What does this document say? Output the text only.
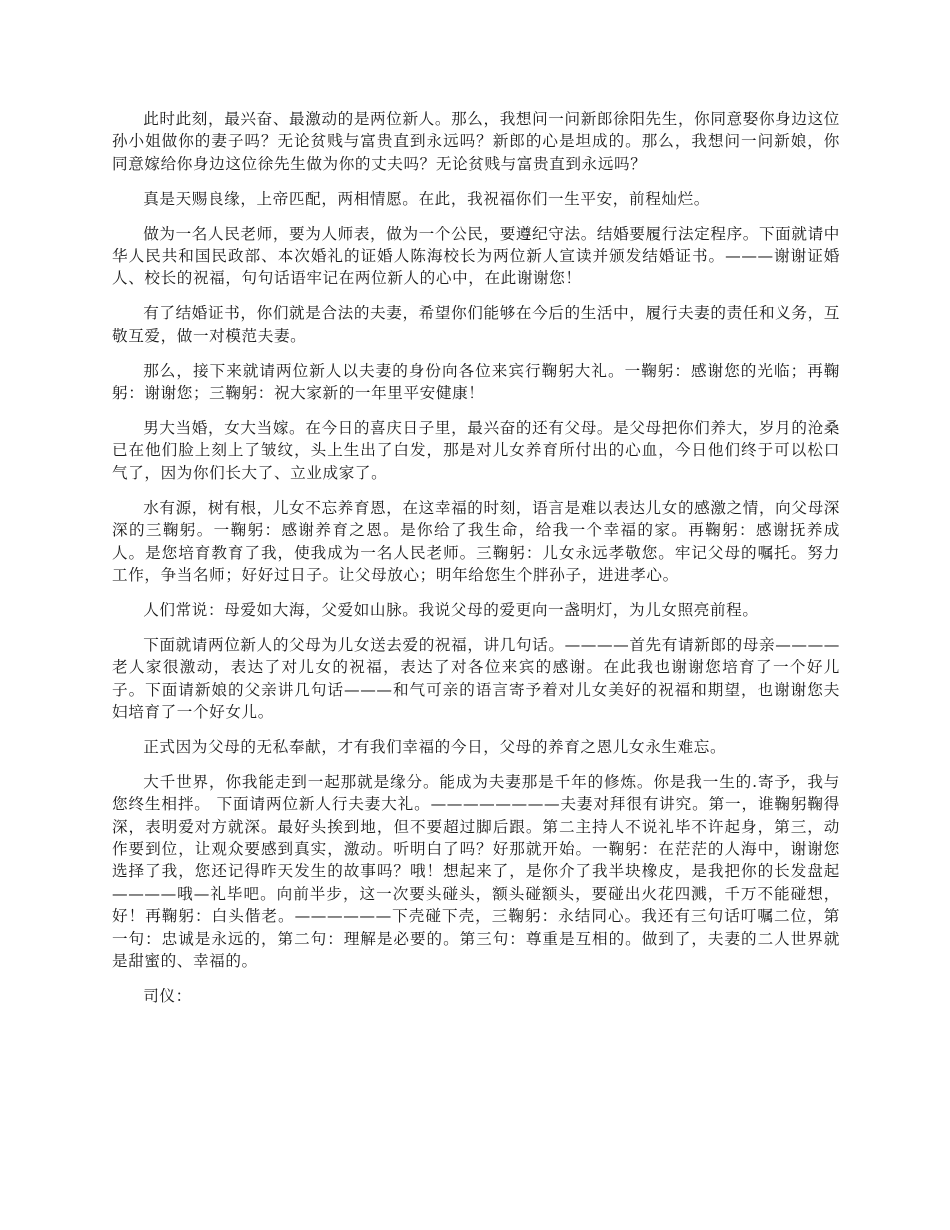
此时此刻，最兴奋、最激动的是两位新人。那么，我想问一问新郎徐阳先生，你同意娶你身边这位孙小姐做你的妻子吗？无论贫贱与富贵直到永远吗？新郎的心是坦成的。那么，我想问一问新娘，你同意嫁给你身边这位徐先生做为你的丈夫吗？无论贫贱与富贵直到永远吗？

真是天赐良缘，上帝匹配，两相情愿。在此，我祝福你们一生平安，前程灿烂。

做为一名人民老师，要为人师表，做为一个公民，要遵纪守法。结婚要履行法定程序。下面就请中华人民共和国民政部、本次婚礼的证婚人陈海校长为两位新人宣读并颁发结婚证书。———谢谢证婚人、校长的祝福，句句话语牢记在两位新人的心中，在此谢谢您！

有了结婚证书，你们就是合法的夫妻，希望你们能够在今后的生活中，履行夫妻的责任和义务，互敬互爱，做一对模范夫妻。

那么，接下来就请两位新人以夫妻的身份向各位来宾行鞠躬大礼。一鞠躬：感谢您的光临；再鞠躬：谢谢您；三鞠躬：祝大家新的一年里平安健康！

男大当婚，女大当嫁。在今日的喜庆日子里，最兴奋的还有父母。是父母把你们养大，岁月的沧桑已在他们脸上刻上了皱纹，头上生出了白发，那是对儿女养育所付出的心血，今日他们终于可以松口气了，因为你们长大了、立业成家了。

水有源，树有根，儿女不忘养育恩，在这幸福的时刻，语言是难以表达儿女的感激之情，向父母深深的三鞠躬。一鞠躬：感谢养育之恩。是你给了我生命，给我一个幸福的家。再鞠躬：感谢抚养成人。是您培育教育了我，使我成为一名人民老师。三鞠躬：儿女永远孝敬您。牢记父母的嘱托。努力工作，争当名师；好好过日子。让父母放心；明年给您生个胖孙子，进进孝心。

人们常说：母爱如大海，父爱如山脉。我说父母的爱更向一盏明灯，为儿女照亮前程。

下面就请两位新人的父母为儿女送去爱的祝福，讲几句话。————首先有请新郎的母亲————老人家很激动，表达了对儿女的祝福，表达了对各位来宾的感谢。在此我也谢谢您培育了一个好儿子。下面请新娘的父亲讲几句话———和气可亲的语言寄予着对儿女美好的祝福和期望，也谢谢您夫妇培育了一个好女儿。

正式因为父母的无私奉献，才有我们幸福的今日，父母的养育之恩儿女永生难忘。

大千世界，你我能走到一起那就是缘分。能成为夫妻那是千年的修炼。你是我一生的.寄予，我与您终生相拌。 下面请两位新人行夫妻大礼。————————夫妻对拜很有讲究。第一，谁鞠躬鞠得深，表明爱对方就深。最好头挨到地，但不要超过脚后跟。第二主持人不说礼毕不许起身，第三，动作要到位，让观众要感到真实，激动。听明白了吗？好那就开始。一鞠躬：在茫茫的人海中，谢谢您选择了我，您还记得昨天发生的故事吗？哦！想起来了，是你介了我半块橡皮，是我把你的长发盘起————哦—礼毕吧。向前半步，这一次要头碰头，额头碰额头，要碰出火花四溅，千万不能碰想，好！再鞠躬：白头偕老。——————下壳碰下壳，三鞠躬：永结同心。我还有三句话叮嘱二位，第一句：忠诚是永远的，第二句：理解是必要的。第三句：尊重是互相的。做到了，夫妻的二人世界就是甜蜜的、幸福的。

司仪：
